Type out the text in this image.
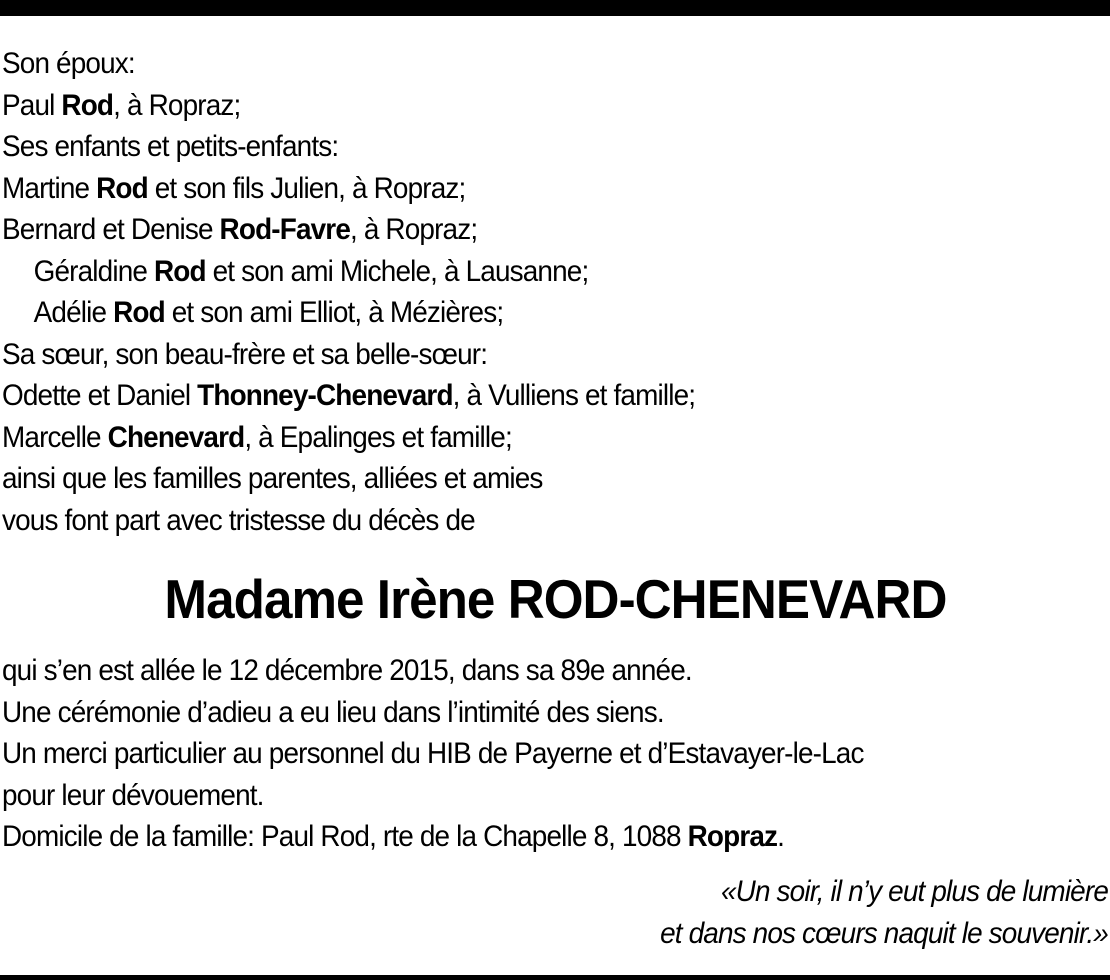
Son époux:
Paul Rod, à Ropraz;
Ses enfants et petits-enfants:
Martine Rod et son fils Julien, à Ropraz;
Bernard et Denise Rod-Favre, à Ropraz;
Géraldine Rod et son ami Michele, à Lausanne;
Adélie Rod et son ami Elliot, à Mézières;
Sa sœur, son beau-frère et sa belle-sœur:
Odette et Daniel Thonney-Chenevard, à Vulliens et famille;
Marcelle Chenevard, à Epalinges et famille;
ainsi que les familles parentes, alliées et amies
vous font part avec tristesse du décès de
Madame Irène ROD-CHENEVARD
qui s’en est allée le 12 décembre 2015, dans sa 89e année.
Une cérémonie d’adieu a eu lieu dans l’intimité des siens.
Un merci particulier au personnel du HIB de Payerne et d’Estavayer-le-Lac
pour leur dévouement.
Domicile de la famille: Paul Rod, rte de la Chapelle 8, 1088 Ropraz.
«Un soir, il n’y eut plus de lumière
et dans nos cœurs naquit le souvenir.»
